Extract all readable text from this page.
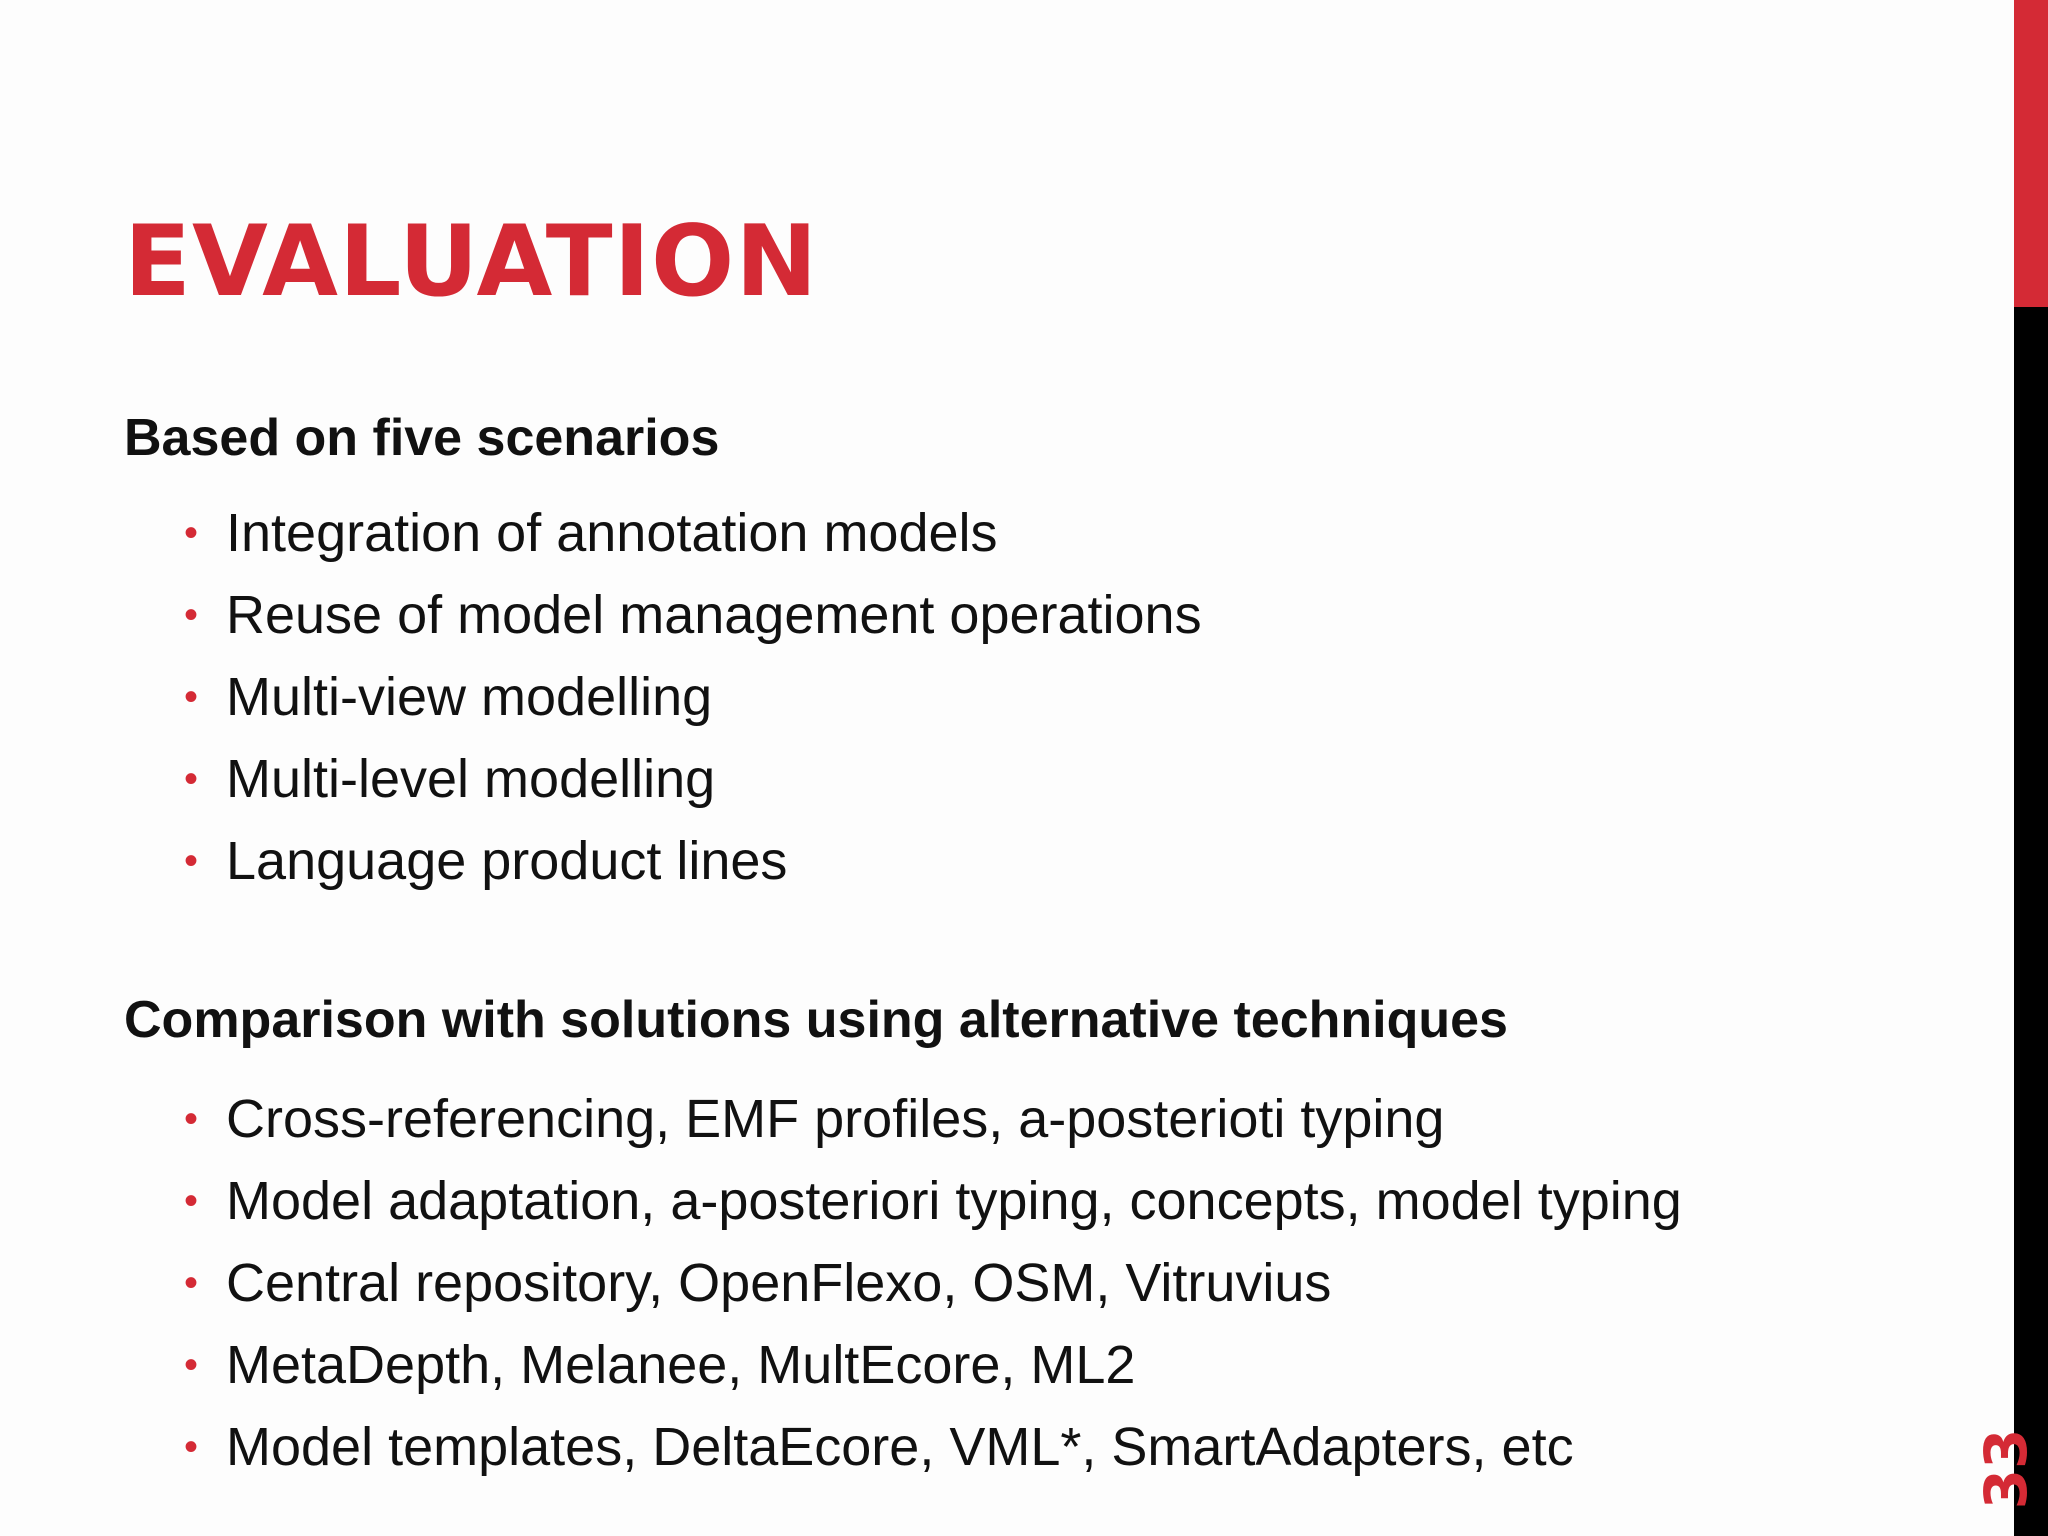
EVALUATION
Based on five scenarios
• Integration of annotation models
• Reuse of model management operations
• Multi-view modelling
• Multi-level modelling
• Language product lines
Comparison with solutions using alternative techniques
• Cross-referencing, EMF profiles, a-posterioti typing
• Model adaptation, a-posteriori typing, concepts, model typing
• Central repository, OpenFlexo, OSM, Vitruvius
• MetaDepth, Melanee, MultEcore, ML2
• Model templates, DeltaEcore, VML*, SmartAdapters, etc	33
